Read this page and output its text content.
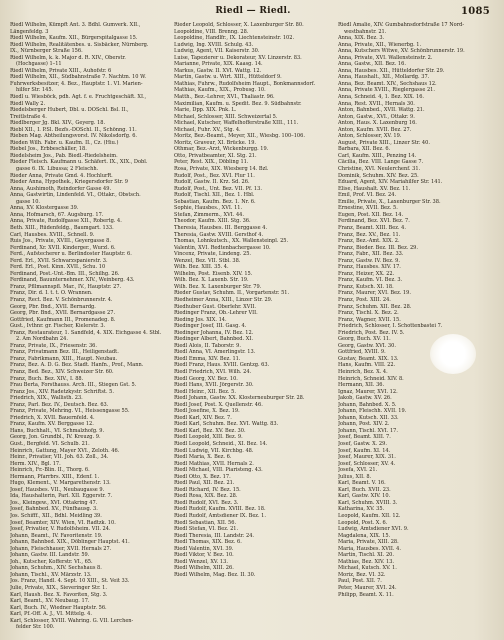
Riedl — Riedl.	1085

Riedl Wilhelm, Kümpft Ant. 3. Bdhl. Gumverk. XII.,

Längenfeldg. 3

Riedl Wilhelm, Kaufm. XII., Bürgerspitalgasse 15.

Riedl Wilhelm, Realitätenbes. u. Sisbäcker, Nürnberg.

IX., Nürnberger Straße 156.

Riedl Wilhelm, k. k. Major d. R. XIV., Oberstr.

(Hochgasse) 1–11

Riedl Wilhelm, Private XIII., Auhofstr. 6

Riedl Wilhelm, XII., Südbahnstraße 7. Nachtm. 10 W.

Fuhrwerksbesitzer, 4. Bez., Hauptstr. 1. VI. Marien-

hilfer Str. 145.

Riedl u. Wiesböck, pdh. Agt. f. e. Fruchtgeschäft. XI.,

Riedl Wally 2.

Riedelsberger Hubert, Dbl. u. DOSchl. Bsl. II.,

Treitlstraße 4.

Riedlberger Jg. Bkl. XIV., Geyerg. 18.

Riebl XII., I. P.Sl. Bezfs.-DOSchl. II., Schönng. 11.

Rieben Mag. Abtheilungsvorst. IV. Nikolsdorfg. 6.

Rieden Wilh. Fabr. u. Kaufm. II., Cz. (Hiu.)

Riebel Jos., Erbbeschäller, 18.

Riedelsheim Jos., Pab. Biedl.-Riedelsheim.

Rieder Fleisch. Kaufmann u. Schäfert. IX., XIX., Dobl.

gasse 6. IX. Libussa; 2 Fleischh.

Rieder Anna, Private Gmd. 4. HochlurR.

Rieder Anna, Hypothek., Kriegersdorfer Str. 9

Anna, Aushimoth, Reindorfer Gasse 49.

Anna, Gastwirtin, Lindenfeld. VI., Ottakr., Obstsch.

gasse 10.

Anna, XV. Klostergasse 39.

Anna, Hofmarsch, 67. Augsburg. 17.

Anna, Private, Rudolfgasse XII., Robertg. 4.

Beth. XIII., Rüdenfeldg., Baumgart. 133.

Carl, Hausbes. XVIII., Schnell. 9.

Ruis Jos., Private, XVIII., Geyergasse 8.

Ferdinand, Xr. XVII. Kinderger., Wurzl. 6.

Ferd., Aufstecherer u. Berlindoster Hauptstr. 6.

Ferd. Erl., XVII. Schwarzspanierstr. 3.

Ferd. Erl., Post. Kinn. XVII., Schu. 10

Ferdinand, Post.-Unt.-Bm. III., Schilhg. 26.

Ferdinand, Bauunternehmer. XIV., Weinberg. 43.

Franz, Pfllmannspfl. Mar., IV., Hauptstr. 27.

Franz, Dir. d. I. t. t. O. Wrannen.

Franz, Rect. Bez. V. Schönbrunnerstr. 4.

Georg, Pbr. Bnd., XVII. Bernardg.

Georg, Pbr. Bnd., XVII. Bernardgasse 27.

Gottfried, Kaufmann III., Promenadeg. 8.

Gust., Ivthnr. gr. Fischer, Kielerstr. 3.

Franz, Restaurateur, 1. Sandfeld, 4. XIX. Eichgasse 4. Stbl.

2. Am Nordbahn 24.

Franz, Private, IX., Friesenstr. 36.

Franz, Privatmann Bez. III., Heiligenstadt.

Franz, Fabrikmann, XIII., Haupt. Neubau.

Franz, Bez. A. D. G. Bez. Stadt. Hanfn., Prof., Mann.

Franz, Bed. Bez., XIV. Schweizer Str. 60.

Franz, Buch. Bez. XIV., I. 88.

Frau Berta, Forsthauss. Arch. III., Stiegen Gst. 5.

Franz Jos., XIV. Radetzkystr. Schriftst. 5.

Friedrich, XIX., Wallisth. 23.

Franz, Parl. Bez. IV., Deutsch. Bez. 63.

Franz, Private, Mehring. VI., Heissengasse 55.

Friedrich, X. XVII. Bauernfeld. 4.

Franz, Kaufm. XV. Berggasse 12.

Hans, Buchhalt., VI. Schmalzhofg. 9.

Georg, Jon. Grundbl., IV. Kreuzg. 9.

Gust., Bergfeld. VI. Schulb. 21.

Heinrich, Gattung, Mayer XVI., Zeloth. 46.

Heinr., Privatier, VII. Joh. 63. Zoll., 34.

Herm. XIV., Bgl. 17.

Heinrich, Fr.-Blin. II., Thorg. 6.

Hermann, Pfarrbrs. XIII., Edenf. 1.

Hugo, Klement., V. Margarethenstr. 13.

Josef, Hausbes. VII., Neubaugasse 9.

Ida, Haushalterin, Parl. XII. Eggerstr. 7.

Jos., Kleingew., XVI. Ottakring 47.

Josef, Bahnbed. XV., Fünfhausg. 3.

Jos. Schifff., XII., Bdhl. Meidling 39.

Josef, Beamter, XIV. Wien, VI. Radtzk. 10.

Josef, Privatier, V. Rudolfsheim. VII. 24.

Johann, Beamt., IV. Favoritenstr. 19.

Johann, Bahnbed. XIX., Döblinger Hauptst. 41.

Johann, Fleischhauer, XVII. Hernals 27.

Johann, Gastw. III. Landstr. 59.

Joh., Kutscher, Kofferstr. VI., 65.

Johann, Schuhm., XIV. Sechshaus 8.

Johann, Tischl., XV. Märzstr. 13.

Jos. Franz, Handl. 4. Sept. 10 XIII., St. Veit 33.

Julie, Private, XIX., Sieveringer Str. 1.

Karl, Haush. Bez. X. Favoriten, Stg. 3.

Karl, Beamt., XV. Neubaug. 17.

Karl, Buch. IV., Wiedner Hauptstr. 56.

Karl, Pf.-Off. A. J., VI. Mittelg. 4.

Karl, Schlosser, XVIII. Wahring. G. VII. Lerchen-

felder Str. 100.

Rieder Leopold, Schlosser, X. Laxenburger Str. 80.

Leopoldine, VIII. Brenng. 28.

Leopoldine, Handlfr., IX. Liechtensteinstr. 102.

Ludwig, Ing. XVIII. Schulg. 43.

Ludwig, Agent, VII. Kaiserstr. 30.

Luise, Tapezierer u. Dekorateur, XV. Linzerstr. 83.

Marianne, Private, XIX. Kaasg. 14.

Markus, Gastw. II. XVI. Wattg. 12.

Martin, Gastw. u. Wirt. XIII., Hütteldorf 9.

Mathias, Fuhrw., Rudolfsheim Haupt., Bonkmannsdorf.

Mathias, Kaufm., XIX., Probusg. 10.

Matth., Bez.-Lehrer, XVI., Thaliastr. 96.

Maximilian, Kaufm. u. Spedit. Bez. 9. Südbahnstr.

Marie, Dpp. XIX. Pnk. L.

Michael, Schlosser, XIII. Schweizertal 5.

Michael, Kutscher, Waffelhofferstraße XIII., 111.

Michael, Fuhr. XV., Stg. 4.

Moritz, Bez.-Beamt., Meyer, XII., Wiesbg. 100–106.

Moritz, Graveur, XI. Brücke. 19.

Othmar, Bez.-Arzt, Wickenburgg. 19.

Otto, Privatbeamter, XI. Stg. 21.

Peter, Rest. XIX., Döbling 11.

Rosa, Private, XIX. Wiesberg 14. Bzl.

Rudolf, Post., Bez. XVI. Flur 11.

Rudolf, Gastw. II. Krz. Sd. 26.

Rudolf, Post., Unt. Bez. VII. Pf. 13.

Rudolf, Tischl. XII., Bez. 1. Hbl.

Sebastian, Kaufm. Bez. 1. Nr. 6.

Sophie, Hausbes., XVI. 11.

Stefan, Zimmerm., XVI. 44.

Theodor, Kaufm. XIII. Stg. 36.

Theresia, Hausbes. III. Berggasse 4.

Theresia, Gastw. XVIII. Gersthof 4.

Thomas, Lohnkutsch., XX. Wallensteinpl. 25.

Valentin, XVI. Redtenbachergasse 10.

Vincenz, Private, Lindeng. 25.

Wenzel, Bez. VII. Stbl. 38.

Wilh. Bez. XIII. 35. 4.

Wilhelm, Post. Eisenb. XIV. 15.

Wilh. Bez. X. Laxenb. Str. 19.

Wilh. Bez. X. Laxenburger Str. 79.

Rieder Gustav, Schuhm. II., Vorgartenstr. 51.

Riedheimer Anna, XIII., Linzer Str. 29.

Riedhuber Gust. Oberlehr. XVII.

Riedinger Franz, Ob.-Lehrer VII.

Rieding Jos. XIX. 14.

Riedinger Josef, III. Gasg. 4.

Riedinger Johanna, IV. Bez. 12.

Riedinger Albert, Bahnbed. XI.

Riedl Alois, II. Taborstr. 9.

Riedl Anna, VI. Amerlingstr. 13.

Riedl Emma, XIV. Bez. 11.

Riedl Franz, Haus. XVIII. Gentzg. 63.

Riedl Friedrich, XVI. Wilh. 24.

Riedl Georg, XV. Bez. 10.

Riedl Hans, XVII. Jörgerstr. 30.

Riedl Heinr., XII. Bez. 5.

Riedl Johann, Gastw. XX. Klosterneuburger Str. 28.

Riedl Josef, Post. X. Quellenstr. 46.

Riedl Josefine, X. Bez. 19.

Riedl Karl, XIV. Bez. 7.

Riedl Karl, Schuhm. Bez. XVI. Wattg. 83.

Riedl Karl, Bez. XV. Bez. 30.

Riedl Leopold, XIII. Bez. 9.

Riedl Leopold, Schneid., XI. Bez. 14.

Riedl Ludwig, VII. Kirchbg. 48.

Riedl Maria, X. Bez. 6.

Riedl Mathias, XVII. Hernals 2.

Riedl Michael, VIII. Piaristeng. 43.

Riedl Otto, X. Bez. 17.

Riedl Paul, XII. Bez. 21.

Riedl Richard, IV. Bez. 15.

Riedl Rosa, XIX. Bez. 28.

Riedl Rudolf, XVI. Bez. 3.

Riedl Rudolf, Kaufm. XVIII. Bez. 18.

Riedl Rudolf, Amtsdiener IX. Bez. 1.

Riedl Sebastian, XII. 56.

Riedl Stefan, VI. Bez. 21.

Riedl Theresia, III. Landstr. 24.

Riedl Thomas, XIX. Bez. 6.

Riedl Valentin, XVI. 39.

Riedl Viktor, V. Bez. 10.

Riedl Wenzel, XV. 13.

Riedl Wilhelm, XIII. 26.

Riedl Wilhelm, Mag. Bez. II. 30.

Riedl Amalie, XIV. Gumbahnsdorfstraße 17 Nord-

westbahnstr. 21.

Anna, XIX. Bez. 3.

Anna, Private, XII., Wienerbg. 1.

Anna, Kutschers Witwe, XV. Schönbrunnerstr. 19.

Anna, Private, XVI. Wallensteinstr. 2.

Anna, Gastw., XII. Bez. 16.

Anna, Hausbes. XII., Hütteldorfer Str. 29.

Anna, Haushalt., XII., Mollardg. 37.

Anna, Bez. Beamt. XIV., Sechshaus 12.

Anna, Private XVIII., Rieglergasse 21.

Anna, Schneid. 4, 1. Bez. XIX. 16.

Anna, Rest. XVII., Hernals 30.

Anton, Bahnbed., XVII. Wattg. 21.

Anton, Gastw., XVI., Ottakr. 9.

Anton, Haus. X. Laxenburg 16.

Anton, Kaufm. XVII. Bez. 27.

Anton, Schlosser, XV. 19.

August, Private XIII., Linzer Str. 40.

Barbara, XII. Bez. 6.

Carl, Kaufm. XIII., Penzing 14.

Cäcilia, Bez. VIII. Lange Gasse 7.

Christine, XVI. Neulerchenf. 31.

Dominik, Schuhm. XIV. Bez. 25.

Eduard, Agent, XIV. Mariahilfer Str. 141.

Elise, Haushalt. XV. Bez. 11.

Emil, Prof. VI. Bez. 24.

Emilie, Private, X., Laxenburger Str. 38.

Ernestine, XVII. Bez. 5.

Eugen, Post. XII. Bez. 14.

Ferdinand, Bez. XVI. Bez. 7.

Franz, Beamt. XIII. Bez. 4.

Franz, Bez. XV., Bez. 11.

Franz, Bez.-Amt. XIX. 2.

Franz, Bieder. Bez. III. Bez. 29.

Franz, Fabr., XII. Bez. 33.

Franz, Gastw. IV. Bez. 9.

Franz, Hausbes. XIV. 17.

Franz, Heizer, XX. 22.

Franz, Kaufm. VI. Bez. 3.

Franz, Kutsch. XI. 18.

Franz, Maurer, XVI. Bez. 19.

Franz, Post. XIII. 24.

Franz, Schuhm. XII. Bez. 28.

Franz, Tischl. X. Bez. 2.

Franz, Wagner, XVII. 15.

Friedrich, Schlosser, I. Schottenbastei 7.

Friedrich, Post. Bez. IV. 5.

Georg, Buch. XV. 11.

Georg, Gastw. XVI. 30.

Gottfried, XVIII. 9.

Gustav, Beamt. XIX. 13.

Hans, Kaufm. VIII. 22.

Heinrich, Bez. X. 4.

Heinrich, Schneid. XIV. 8.

Hermann, XII. 36.

Ignaz, Maurer, XVI. 12.

Jakob, Gastw. XV. 26.

Johann, Bahnbed. X. 5.

Johann, Fleischh. XVII. 19.

Johann, Kutsch. XII. 33.

Johann, Post. XIV. 2.

Johann, Tischl. XVI. 17.

Josef, Beamt. XIII. 7.

Josef, Gastw. X. 29.

Josef, Kaufm. XI. 14.

Josef, Maurer, XIX. 31.

Josef, Schlosser, XV. 4.

Josefa, XVI. 21.

Julius, XII. 8.

Karl, Beamt. V. 16.

Karl, Buch. XVII. 23.

Karl, Gastw. XIV. 10.

Karl, Schuhm. XVIII. 3.

Katharina, XV. 35.

Leopold, Kaufm. XII. 12.

Leopold, Post. X. 6.

Ludwig, Amtsdiener XVI. 9.

Magdalena, XIX. 15.

Maria, Private, XIII. 28.

Maria, Hausbes. XVII. 4.

Martin, Tischl. XI. 20.

Mathias, Bez. XIV. 13.

Michael, Kutsch. XV. 1.

Moriz, Bez. VI. 32.

Paul, Post. XII. 7.

Peter, Maurer, XVI. 24.

Philipp, Beamt. X. 11.
